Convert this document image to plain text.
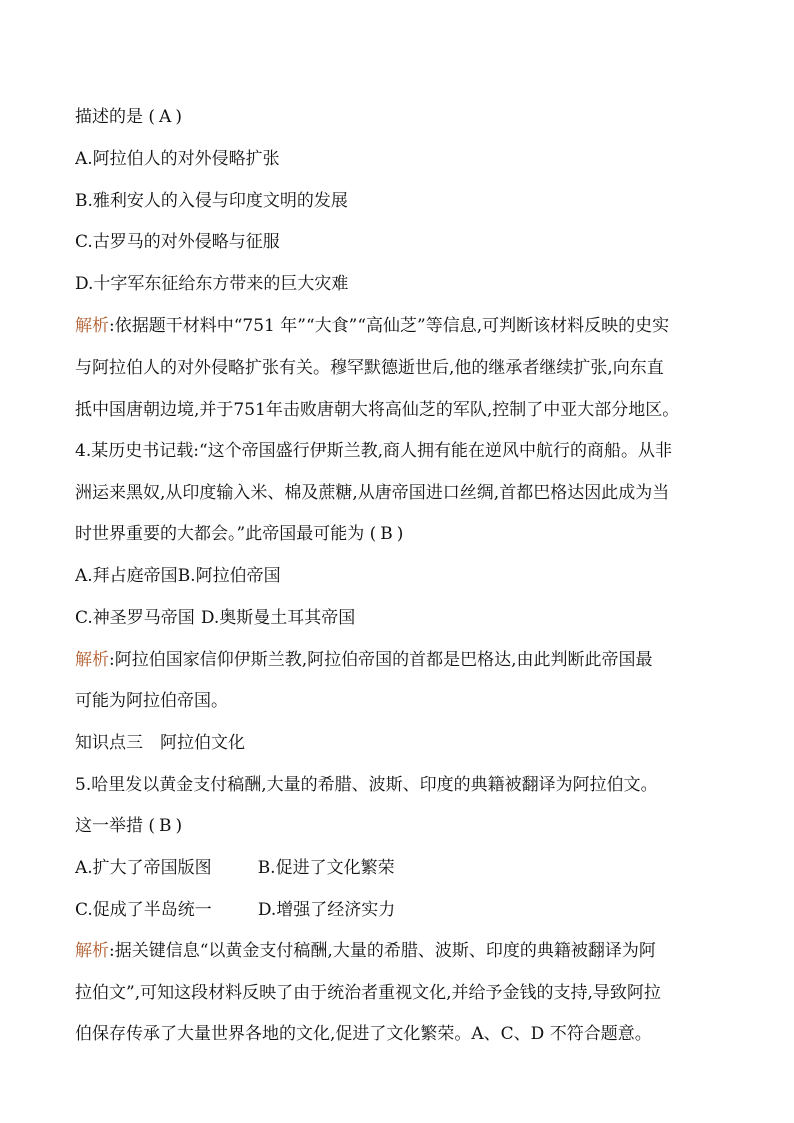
描述的是 ( A )
A.阿拉伯人的对外侵略扩张
B.雅利安人的入侵与印度文明的发展
C.古罗马的对外侵略与征服
D.十字军东征给东方带来的巨大灾难
解析:依据题干材料中“751 年”“大食”“高仙芝”等信息,可判断该材料反映的史实
与阿拉伯人的对外侵略扩张有关。穆罕默德逝世后,他的继承者继续扩张,向东直
抵中国唐朝边境,并于751年击败唐朝大将高仙芝的军队,控制了中亚大部分地区。
4.某历史书记载:“这个帝国盛行伊斯兰教,商人拥有能在逆风中航行的商船。从非
洲运来黑奴,从印度输入米、棉及蔗糖,从唐帝国进口丝绸,首都巴格达因此成为当
时世界重要的大都会。”此帝国最可能为 ( B )
A.拜占庭帝国B.阿拉伯帝国
C.神圣罗马帝国 D.奥斯曼土耳其帝国
解析:阿拉伯国家信仰伊斯兰教,阿拉伯帝国的首都是巴格达,由此判断此帝国最
可能为阿拉伯帝国。
知识点三　阿拉伯文化
5.哈里发以黄金支付稿酬,大量的希腊、波斯、印度的典籍被翻译为阿拉伯文。
这一举措 ( B )
A.扩大了帝国版图	B.促进了文化繁荣
C.促成了半岛统一	D.增强了经济实力
解析:据关键信息“以黄金支付稿酬,大量的希腊、波斯、印度的典籍被翻译为阿
拉伯文”,可知这段材料反映了由于统治者重视文化,并给予金钱的支持,导致阿拉
伯保存传承了大量世界各地的文化,促进了文化繁荣。A、C、D 不符合题意。
